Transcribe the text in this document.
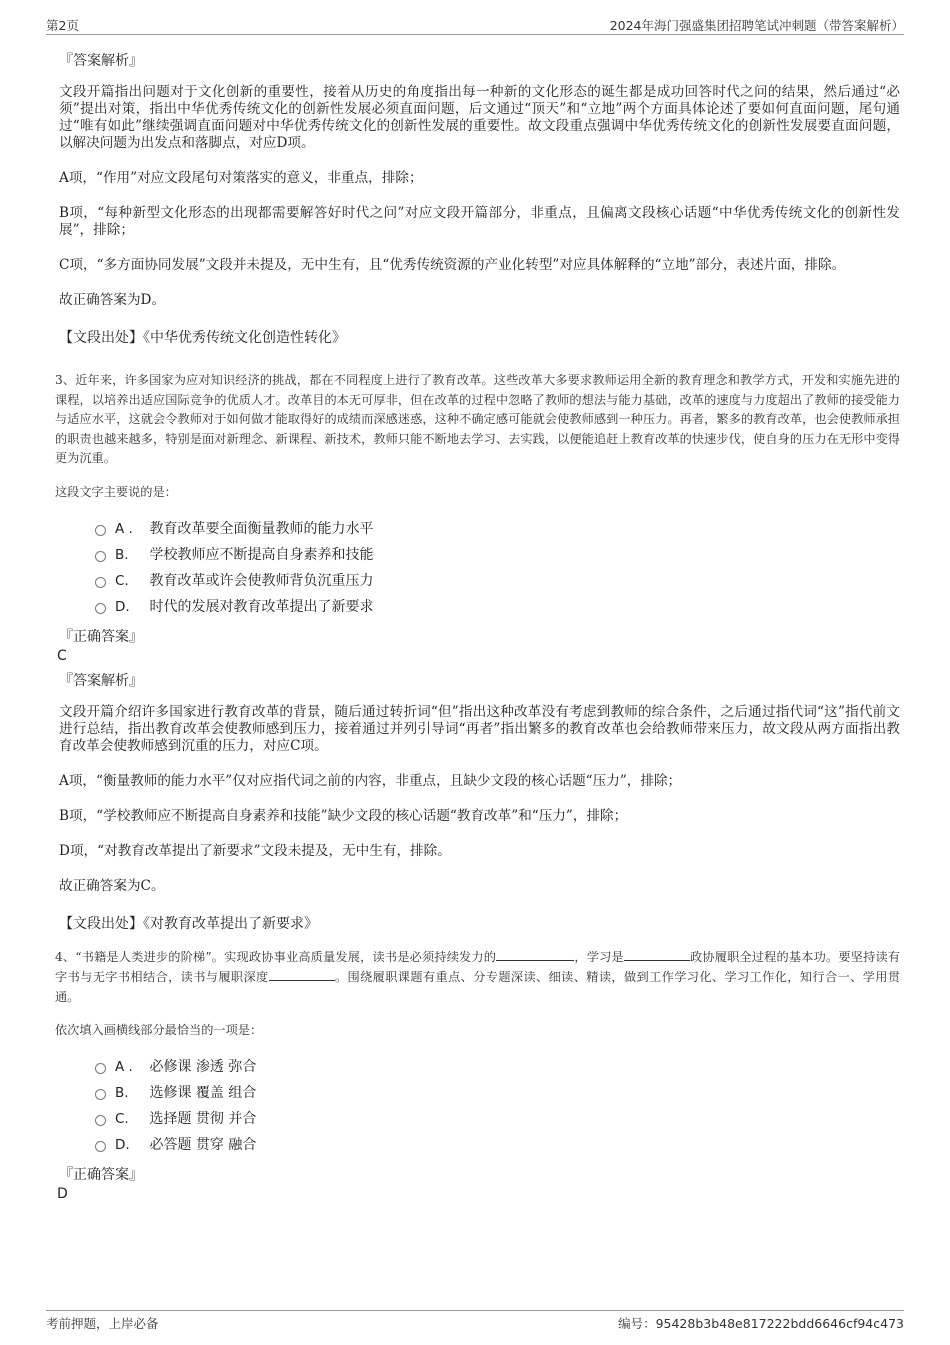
第2页	2024年海门强盛集团招聘笔试冲刺题（带答案解析）
『答案解析』
文段开篇指出问题对于文化创新的重要性，接着从历史的角度指出每一种新的文化形态的诞生都是成功回答时代之问的结果，然后通过“必须”提出对策，指出中华优秀传统文化的创新性发展必须直面问题，后文通过“顶天”和“立地”两个方面具体论述了要如何直面问题，尾句通过“唯有如此”继续强调直面问题对中华优秀传统文化的创新性发展的重要性。故文段重点强调中华优秀传统文化的创新性发展要直面问题，以解决问题为出发点和落脚点，对应D项。
A项，“作用”对应文段尾句对策落实的意义，非重点，排除；
B项，“每种新型文化形态的出现都需要解答好时代之问”对应文段开篇部分，非重点，且偏离文段核心话题“中华优秀传统文化的创新性发展”，排除；
C项，“多方面协同发展”文段并未提及，无中生有，且“优秀传统资源的产业化转型”对应具体解释的“立地”部分，表述片面，排除。
故正确答案为D。
【文段出处】《中华优秀传统文化创造性转化》
3、近年来，许多国家为应对知识经济的挑战，都在不同程度上进行了教育改革。这些改革大多要求教师运用全新的教育理念和教学方式，开发和实施先进的课程，以培养出适应国际竞争的优质人才。改革目的本无可厚非，但在改革的过程中忽略了教师的想法与能力基础，改革的速度与力度超出了教师的接受能力与适应水平，这就会令教师对于如何做才能取得好的成绩而深感迷惑，这种不确定感可能就会使教师感到一种压力。再者，繁多的教育改革，也会使教师承担的职责也越来越多，特别是面对新理念、新课程、新技术，教师只能不断地去学习、去实践，以便能追赶上教育改革的快速步伐，使自身的压力在无形中变得更为沉重。
这段文字主要说的是：
A . 教育改革要全面衡量教师的能力水平
B. 学校教师应不断提高自身素养和技能
C. 教育改革或许会使教师背负沉重压力
D. 时代的发展对教育改革提出了新要求
『正确答案』
C
『答案解析』
文段开篇介绍许多国家进行教育改革的背景，随后通过转折词“但”指出这种改革没有考虑到教师的综合条件，之后通过指代词“这”指代前文进行总结，指出教育改革会使教师感到压力，接着通过并列引导词“再者”指出繁多的教育改革也会给教师带来压力，故文段从两方面指出教育改革会使教师感到沉重的压力，对应C项。
A项，“衡量教师的能力水平”仅对应指代词之前的内容，非重点，且缺少文段的核心话题“压力”，排除；
B项，“学校教师应不断提高自身素养和技能”缺少文段的核心话题“教育改革”和“压力”，排除；
D项，“对教育改革提出了新要求”文段未提及，无中生有，排除。
故正确答案为C。
【文段出处】《对教育改革提出了新要求》
4、“书籍是人类进步的阶梯”。实现政协事业高质量发展，读书是必须持续发力的	，学习是	政协履职全过程的基本功。要坚持读有字书与无字书相结合，读书与履职深度	。围绕履职课题有重点、分专题深读、细读、精读，做到工作学习化、学习工作化，知行合一、学用贯通。
依次填入画横线部分最恰当的一项是：
A . 必修课 渗透 弥合
B. 选修课 覆盖 组合
C. 选择题 贯彻 并合
D. 必答题 贯穿 融合
『正确答案』
D
考前押题，上岸必备	编号：95428b3b48e817222bdd6646cf94c473
